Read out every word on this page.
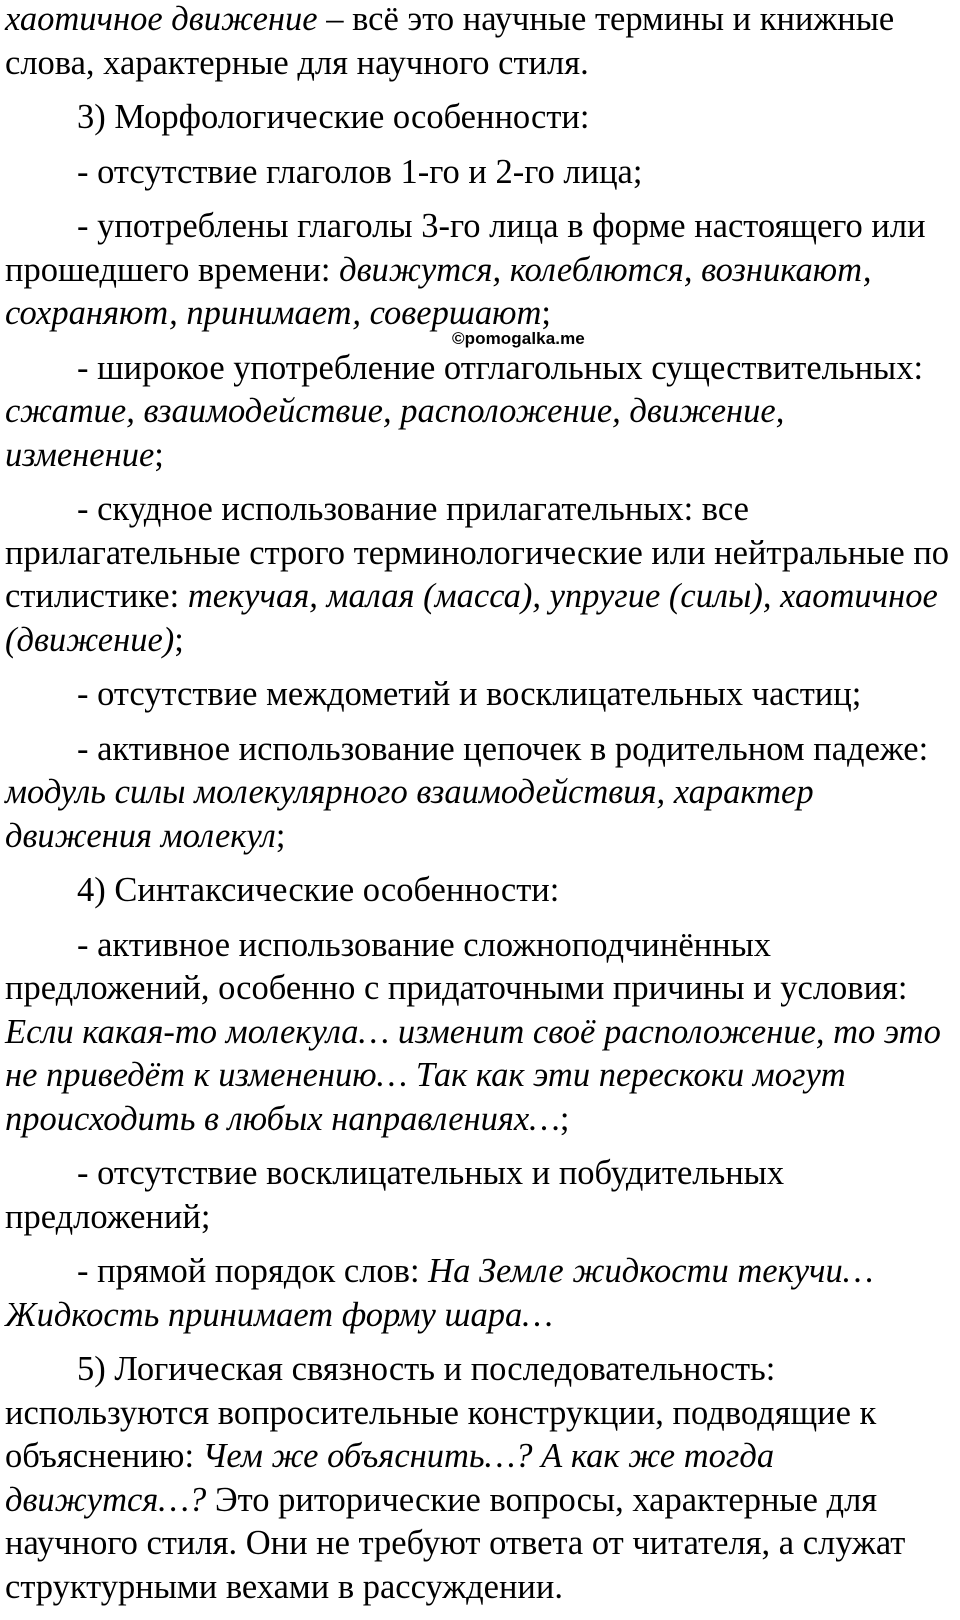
хаотичное движение – всё это научные термины и книжные слова, характерные для научного стиля.

3) Морфологические особенности:

- отсутствие глаголов 1-го и 2-го лица;

- употреблены глаголы 3-го лица в форме настоящего или прошедшего времени: движутся, колеблются, возникают, сохраняют, принимает, совершают;

- широкое употребление отглагольных существительных: сжатие, взаимодействие, расположение, движение, изменение;

- скудное использование прилагательных: все прилагательные строго терминологические или нейтральные по стилистике: текучая, малая (масса), упругие (силы), хаотичное (движение);

- отсутствие междометий и восклицательных частиц;

- активное использование цепочек в родительном падеже: модуль силы молекулярного взаимодействия, характер движения молекул;

4) Синтаксические особенности:

- активное использование сложноподчинённых предложений, особенно с придаточными причины и условия: Если какая-то молекула… изменит своё расположение, то это не приведёт к изменению… Так как эти перескоки могут происходить в любых направлениях…;

- отсутствие восклицательных и побудительных предложений;

- прямой порядок слов: На Земле жидкости текучи… Жидкость принимает форму шара…

5) Логическая связность и последовательность: используются вопросительные конструкции, подводящие к объяснению: Чем же объяснить…? А как же тогда движутся…? Это риторические вопросы, характерные для научного стиля. Они не требуют ответа от читателя, а служат структурными вехами в рассуждении.

©pomogalka.me
